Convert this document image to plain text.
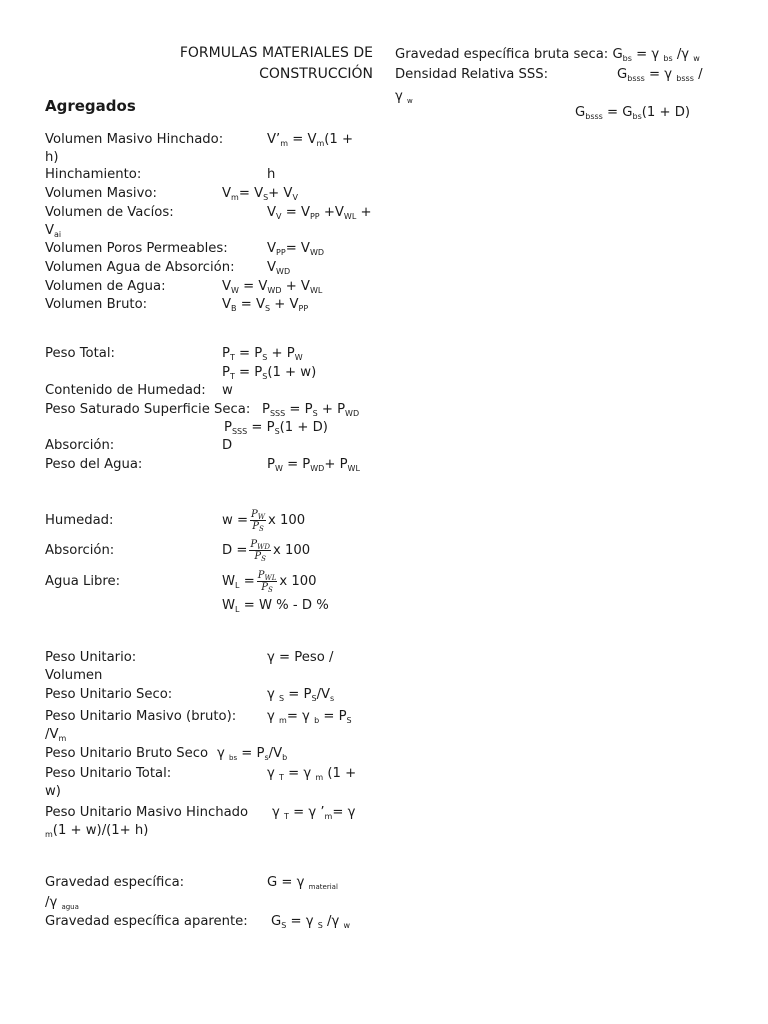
FORMULAS MATERIALES DE
CONSTRUCCIÓN
Agregados
Volumen Masivo Hinchado:	$V’_m = V_m(1$ +
h)
Hinchamiento:	h
Volumen Masivo:	$V_m= V_S+ V_V$
Volumen de Vacíos:	$V_V = V_{PP} +V_{WL}$ +
$V_{ai}$
Volumen Poros Permeables:	$V_{PP}= V_{WD}$
Volumen Agua de Absorción: $V_{WD}$
Volumen de Agua:	$V_W = V_{WD} + V_{WL}$
Volumen Bruto:	$V_B = V_S + V_{PP}$
Peso Total:	$P_T = P_S + P_W$
$P_T = P_S(1 + w)$
Contenido de Humedad: w
Peso Saturado Superficie Seca: $P_{SSS} = P_S + P_{WD}$
$P_{SSS} = P_S(1 + D)$
Absorción:	D
Peso del Agua:	$P_W = P_{WD}+ P_{WL}$
Humedad:	$w = \frac{P_W}{P_S}$ x 100
Absorción:	$D = \frac{P_{WD}}{P_S}$ x 100
Agua Libre:	$W_L = \frac{P_{WL}}{P_S}$ x 100
$W_L = W$ % - D %
Peso Unitario:	γ = Peso /
Volumen
Peso Unitario Seco:	γ $_S = P_S/V_s$
Peso Unitario Masivo (bruto): γ $_m$= γ $_b = P_S$
$/V_m$
Peso Unitario Bruto Seco γ $_{bs} = P_s/V_b$
Peso Unitario Total:	γ $_T$ = γ $_m$ (1 +
w)
Peso Unitario Masivo Hinchado γ $_T$ = γ $’_m= \gamma$
$_m$(1 + w)/(1+ h)
Gravedad específica:	G = γ $_{material}$
/γ $_{agua}$
Gravedad específica aparente: $G_S = \gamma$ $_S$ /γ $_w$
Gravedad específica bruta seca: $G_{bs} = \gamma$ $_{bs}$ /γ $_w$
Densidad Relativa SSS:	$G_{bsss} = \gamma$ $_{bsss}$ /
γ $_w$
$G_{bsss} = G_{bs}(1 + D)$
